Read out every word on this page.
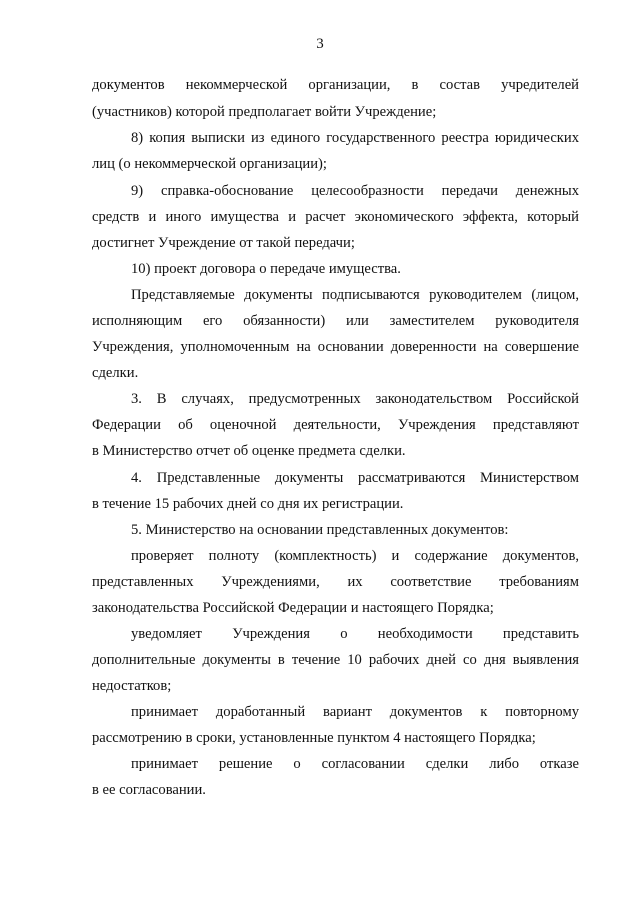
3
документов некоммерческой организации, в состав учредителей
(участников) которой предполагает войти Учреждение;
8) копия выписки из единого государственного реестра юридических
лиц (о некоммерческой организации);
9) справка-обоснование целесообразности передачи денежных
средств и иного имущества и расчет экономического эффекта, который
достигнет Учреждение от такой передачи;
10) проект договора о передаче имущества.
Представляемые документы подписываются руководителем (лицом,
исполняющим его обязанности) или заместителем руководителя
Учреждения, уполномоченным на основании доверенности на совершение
сделки.
3. В случаях, предусмотренных законодательством Российской
Федерации об оценочной деятельности, Учреждения представляют
в Министерство отчет об оценке предмета сделки.
4. Представленные документы рассматриваются Министерством
в течение 15 рабочих дней со дня их регистрации.
5. Министерство на основании представленных документов:
проверяет полноту (комплектность) и содержание документов,
представленных Учреждениями, их соответствие требованиям
законодательства Российской Федерации и настоящего Порядка;
уведомляет Учреждения о необходимости представить
дополнительные документы в течение 10 рабочих дней со дня выявления
недостатков;
принимает доработанный вариант документов к повторному
рассмотрению в сроки, установленные пунктом 4 настоящего Порядка;
принимает решение о согласовании сделки либо отказе
в ее согласовании.
